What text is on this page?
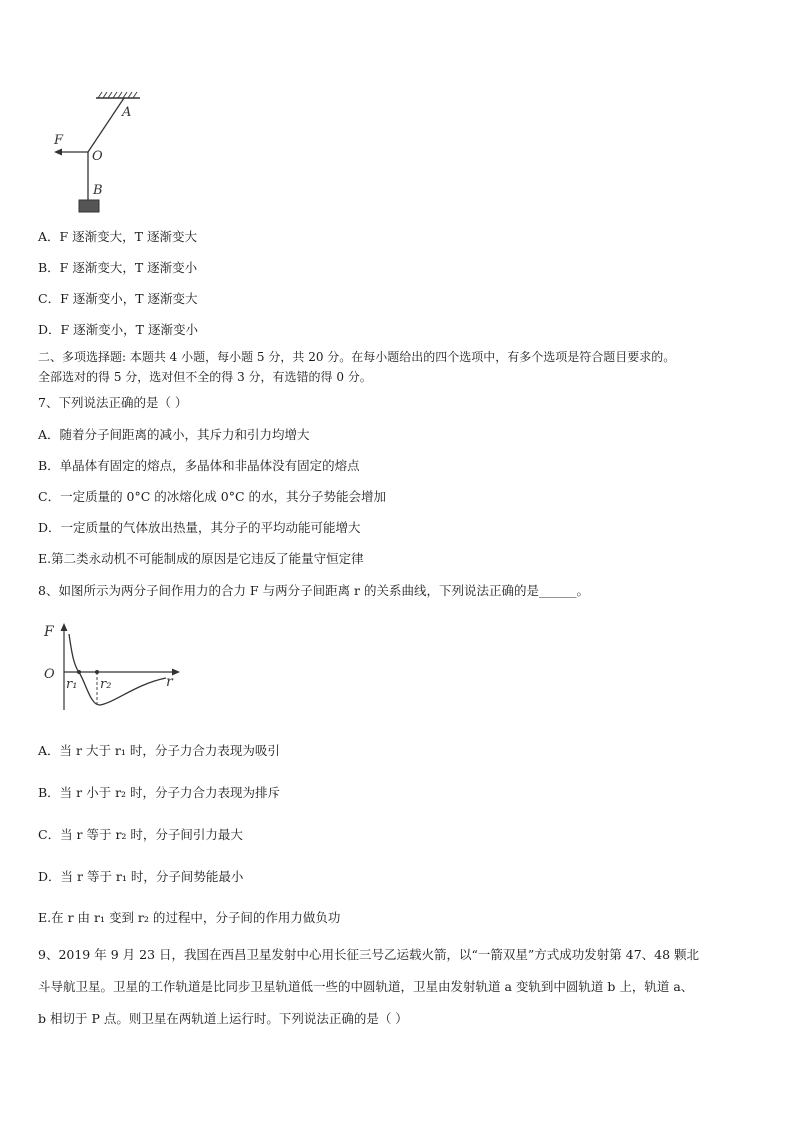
A
F
O
B
A．F 逐渐变大，T 逐渐变大
B．F 逐渐变大，T 逐渐变小
C．F 逐渐变小，T 逐渐变大
D．F 逐渐变小，T 逐渐变小
二、多项选择题: 本题共 4 小题，每小题 5 分，共 20 分。在每小题给出的四个选项中，有多个选项是符合题目要求的。
全部选对的得 5 分，选对但不全的得 3 分，有选错的得 0 分。
7、下列说法正确的是（ ）
A．随着分子间距离的减小，其斥力和引力均增大
B．单晶体有固定的熔点，多晶体和非晶体没有固定的熔点
C．一定质量的 0°C 的冰熔化成 0°C 的水，其分子势能会增加
D．一定质量的气体放出热量，其分子的平均动能可能增大
E.第二类永动机不可能制成的原因是它违反了能量守恒定律
8、如图所示为两分子间作用力的合力 F 与两分子间距离 r 的关系曲线，下列说法正确的是______。
F
O
r₁ r₂	r
A．当 r 大于 r₁ 时，分子力合力表现为吸引
B．当 r 小于 r₂ 时，分子力合力表现为排斥
C．当 r 等于 r₂ 时，分子间引力最大
D．当 r 等于 r₁ 时，分子间势能最小
E.在 r 由 r₁ 变到 r₂ 的过程中，分子间的作用力做负功
9、2019 年 9 月 23 日，我国在西昌卫星发射中心用长征三号乙运载火箭，以“一箭双星”方式成功发射第 47、48 颗北
斗导航卫星。卫星的工作轨道是比同步卫星轨道低一些的中圆轨道，卫星由发射轨道 a 变轨到中圆轨道 b 上，轨道 a、
b 相切于 P 点。则卫星在两轨道上运行时。下列说法正确的是（ ）
